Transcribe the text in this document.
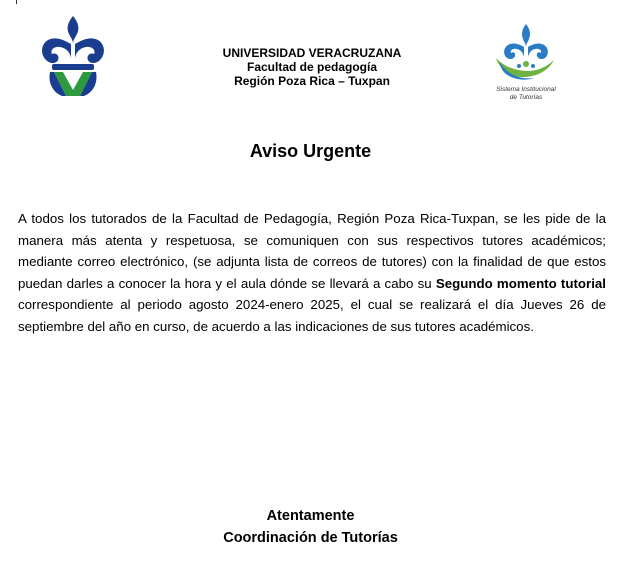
UNIVERSIDAD VERACRUZANA
Facultad de pedagogía
Región Poza Rica – Tuxpan
Sistema Institucional
de Tutorías
Aviso Urgente
A todos los tutorados de la Facultad de Pedagogía, Región Poza Rica-Tuxpan, se les pide de la manera más atenta y respetuosa, se comuniquen con sus respectivos tutores académicos; mediante correo electrónico, (se adjunta lista de correos de tutores) con la finalidad de que estos puedan darles a conocer la hora y el aula dónde se llevará a cabo su Segundo momento tutorial correspondiente al periodo agosto 2024-enero 2025, el cual se realizará el día Jueves 26 de septiembre del año en curso, de acuerdo a las indicaciones de sus tutores académicos.
Atentamente
Coordinación de Tutorías
